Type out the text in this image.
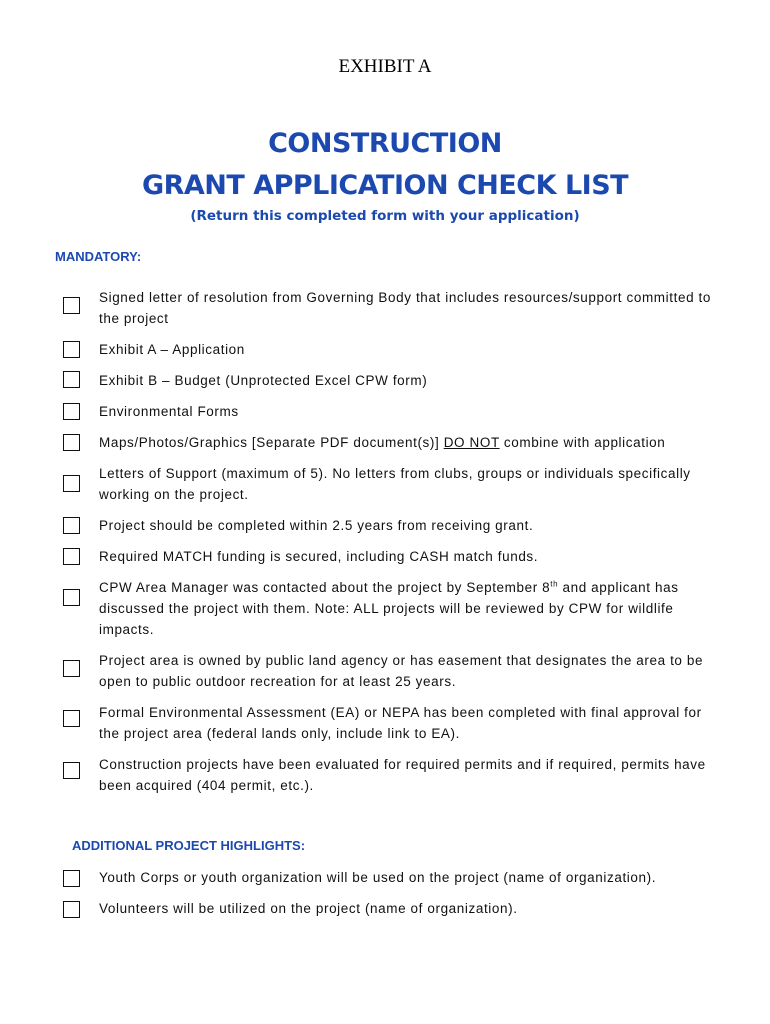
EXHIBIT A
CONSTRUCTION
GRANT APPLICATION CHECK LIST
(Return this completed form with your application)
MANDATORY:
Signed letter of resolution from Governing Body that includes resources/support committed to the project
Exhibit A – Application
Exhibit B – Budget (Unprotected Excel CPW form)
Environmental Forms
Maps/Photos/Graphics [Separate PDF document(s)] DO NOT combine with application
Letters of Support (maximum of 5). No letters from clubs, groups or individuals specifically working on the project.
Project should be completed within 2.5 years from receiving grant.
Required MATCH funding is secured, including CASH match funds.
CPW Area Manager was contacted about the project by September 8th and applicant has discussed the project with them. Note: ALL projects will be reviewed by CPW for wildlife impacts.
Project area is owned by public land agency or has easement that designates the area to be open to public outdoor recreation for at least 25 years.
Formal Environmental Assessment (EA) or NEPA has been completed with final approval for the project area (federal lands only, include link to EA).
Construction projects have been evaluated for required permits and if required, permits have been acquired (404 permit, etc.).
ADDITIONAL PROJECT HIGHLIGHTS:
Youth Corps or youth organization will be used on the project (name of organization).
Volunteers will be utilized on the project (name of organization).
